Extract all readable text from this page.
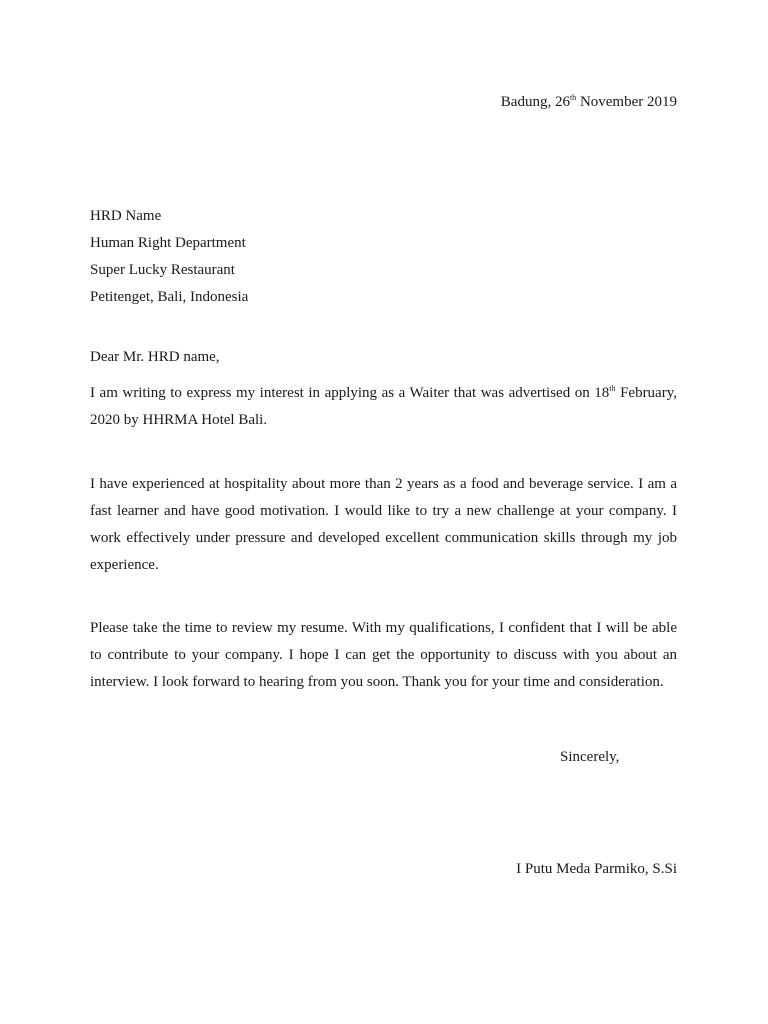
Badung, 26th November 2019
HRD Name
Human Right Department
Super Lucky Restaurant
Petitenget, Bali, Indonesia
Dear Mr. HRD name,
I am writing to express my interest in applying as a Waiter that was advertised on 18th February, 2020 by HHRMA Hotel Bali.
I have experienced at hospitality about more than 2 years as a food and beverage service. I am a fast learner and have good motivation. I would like to try a new challenge at your company. I work effectively under pressure and developed excellent communication skills through my job experience.
Please take the time to review my resume. With my qualifications, I confident that I will be able to contribute to your company. I hope I can get the opportunity to discuss with you about an interview. I look forward to hearing from you soon. Thank you for your time and consideration.
Sincerely,
I Putu Meda Parmiko, S.Si
